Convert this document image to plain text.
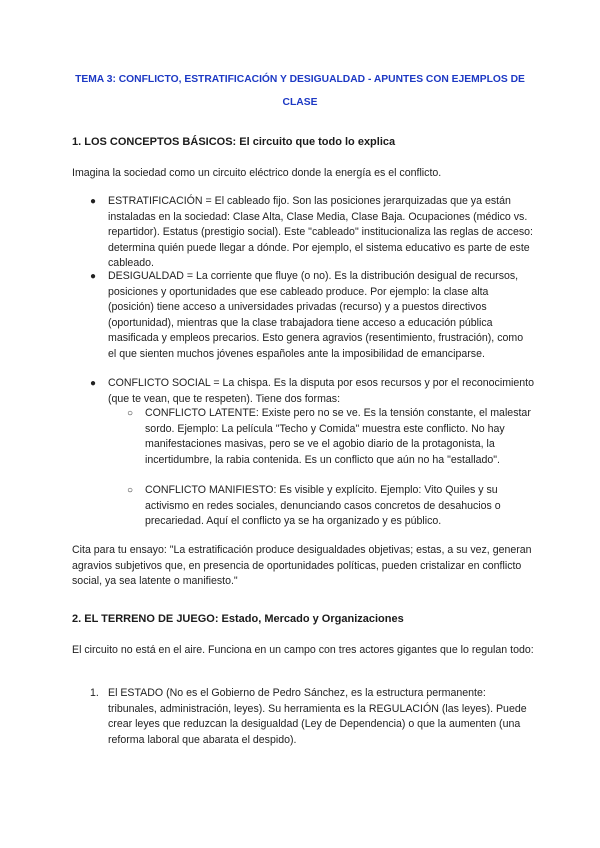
TEMA 3: CONFLICTO, ESTRATIFICACIÓN Y DESIGUALDAD - APUNTES CON EJEMPLOS DE CLASE
1. LOS CONCEPTOS BÁSICOS: El circuito que todo lo explica
Imagina la sociedad como un circuito eléctrico donde la energía es el conflicto.
●	ESTRATIFICACIÓN = El cableado fijo. Son las posiciones jerarquizadas que ya están instaladas en la sociedad: Clase Alta, Clase Media, Clase Baja. Ocupaciones (médico vs. repartidor). Estatus (prestigio social). Este "cableado" institucionaliza las reglas de acceso: determina quién puede llegar a dónde. Por ejemplo, el sistema educativo es parte de este cableado.
●	DESIGUALDAD = La corriente que fluye (o no). Es la distribución desigual de recursos, posiciones y oportunidades que ese cableado produce. Por ejemplo: la clase alta (posición) tiene acceso a universidades privadas (recurso) y a puestos directivos (oportunidad), mientras que la clase trabajadora tiene acceso a educación pública masificada y empleos precarios. Esto genera agravios (resentimiento, frustración), como el que sienten muchos jóvenes españoles ante la imposibilidad de emanciparse.
●	CONFLICTO SOCIAL = La chispa. Es la disputa por esos recursos y por el reconocimiento (que te vean, que te respeten). Tiene dos formas:
○	CONFLICTO LATENTE: Existe pero no se ve. Es la tensión constante, el malestar sordo. Ejemplo: La película "Techo y Comida" muestra este conflicto. No hay manifestaciones masivas, pero se ve el agobio diario de la protagonista, la incertidumbre, la rabia contenida. Es un conflicto que aún no ha "estallado".
○	CONFLICTO MANIFIESTO: Es visible y explícito. Ejemplo: Vito Quiles y su activismo en redes sociales, denunciando casos concretos de desahucios o precariedad. Aquí el conflicto ya se ha organizado y es público.
Cita para tu ensayo: "La estratificación produce desigualdades objetivas; estas, a su vez, generan agravios subjetivos que, en presencia de oportunidades políticas, pueden cristalizar en conflicto social, ya sea latente o manifiesto."
2. EL TERRENO DE JUEGO: Estado, Mercado y Organizaciones
El circuito no está en el aire. Funciona en un campo con tres actores gigantes que lo regulan todo:
1. El ESTADO (No es el Gobierno de Pedro Sánchez, es la estructura permanente: tribunales, administración, leyes). Su herramienta es la REGULACIÓN (las leyes). Puede crear leyes que reduzcan la desigualdad (Ley de Dependencia) o que la aumenten (una reforma laboral que abarata el despido).
